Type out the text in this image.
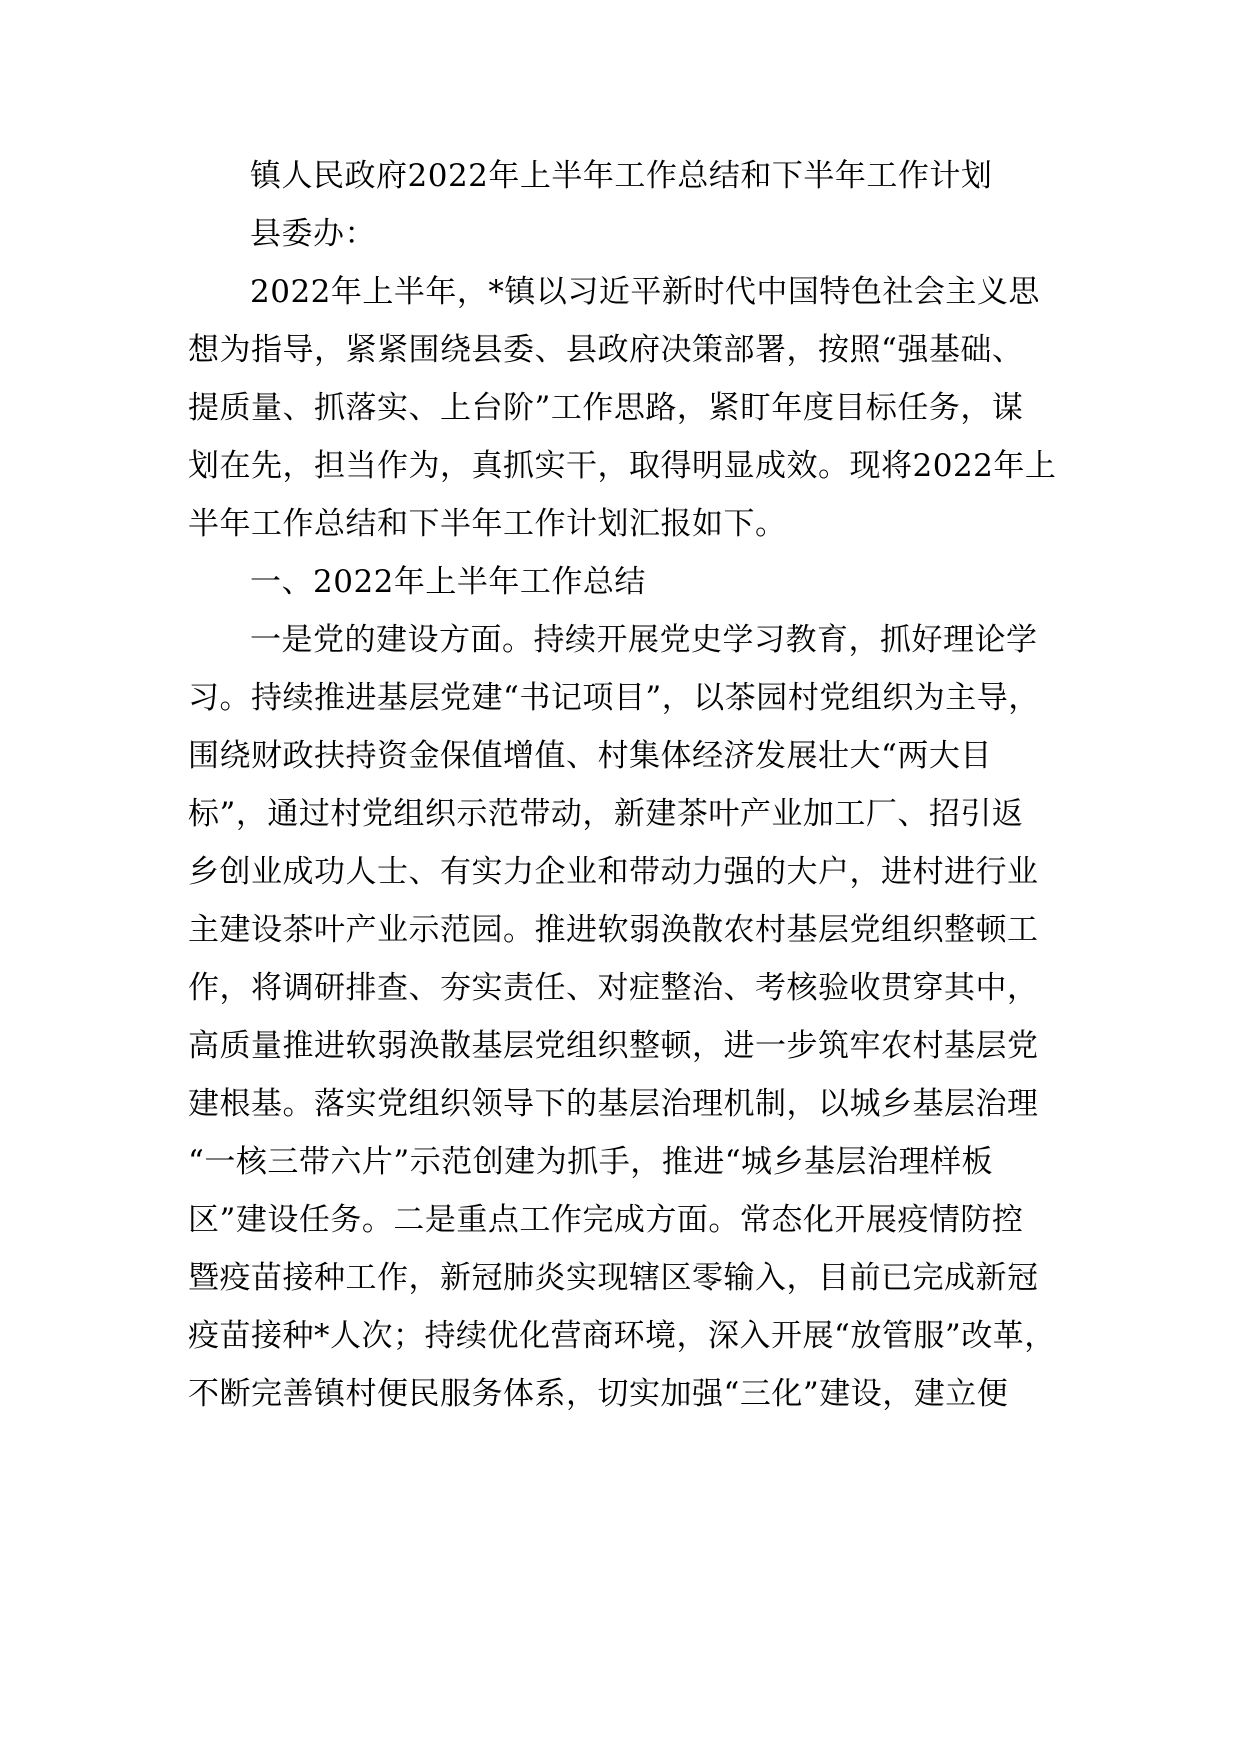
镇人民政府2022年上半年工作总结和下半年工作计划
县委办：
2022年上半年，*镇以习近平新时代中国特色社会主义思
想为指导，紧紧围绕县委、县政府决策部署，按照“强基础、
提质量、抓落实、上台阶”工作思路，紧盯年度目标任务，谋
划在先，担当作为，真抓实干，取得明显成效。现将2022年上
半年工作总结和下半年工作计划汇报如下。
一、2022年上半年工作总结
一是党的建设方面。持续开展党史学习教育，抓好理论学
习。持续推进基层党建“书记项目”，以茶园村党组织为主导，
围绕财政扶持资金保值增值、村集体经济发展壮大“两大目
标”，通过村党组织示范带动，新建茶叶产业加工厂、招引返
乡创业成功人士、有实力企业和带动力强的大户，进村进行业
主建设茶叶产业示范园。推进软弱涣散农村基层党组织整顿工
作，将调研排查、夯实责任、对症整治、考核验收贯穿其中，
高质量推进软弱涣散基层党组织整顿，进一步筑牢农村基层党
建根基。落实党组织领导下的基层治理机制，以城乡基层治理
“一核三带六片”示范创建为抓手，推进“城乡基层治理样板
区”建设任务。二是重点工作完成方面。常态化开展疫情防控
暨疫苗接种工作，新冠肺炎实现辖区零输入，目前已完成新冠
疫苗接种*人次；持续优化营商环境，深入开展“放管服”改革，
不断完善镇村便民服务体系，切实加强“三化”建设，建立便
